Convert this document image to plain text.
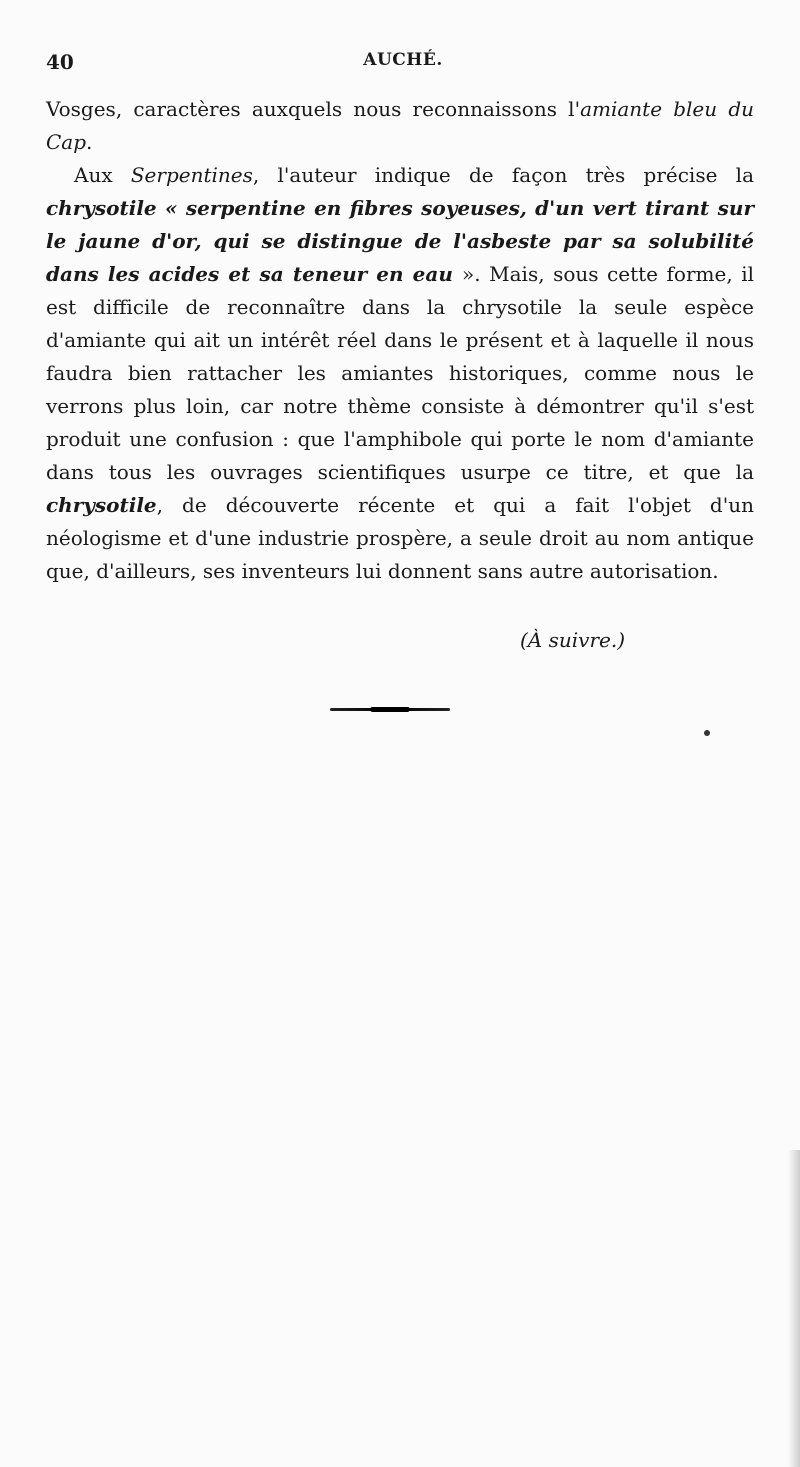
40	AUCHÉ.

Vosges, caractères auxquels nous reconnaissons l'amiante bleu du Cap.

Aux Serpentines, l'auteur indique de façon très précise la chrysotile « serpentine en fibres soyeuses, d'un vert tirant sur le jaune d'or, qui se distingue de l'asbeste par sa solubilité dans les acides et sa teneur en eau ». Mais, sous cette forme, il est difficile de reconnaître dans la chrysotile la seule espèce d'amiante qui ait un intérêt réel dans le présent et à laquelle il nous faudra bien rattacher les amiantes historiques, comme nous le verrons plus loin, car notre thème consiste à démontrer qu'il s'est produit une confusion : que l'amphibole qui porte le nom d'amiante dans tous les ouvrages scientifiques usurpe ce titre, et que la chrysotile, de découverte récente et qui a fait l'objet d'un néologisme et d'une industrie prospère, a seule droit au nom antique que, d'ailleurs, ses inventeurs lui donnent sans autre autorisation.

(À suivre.)
